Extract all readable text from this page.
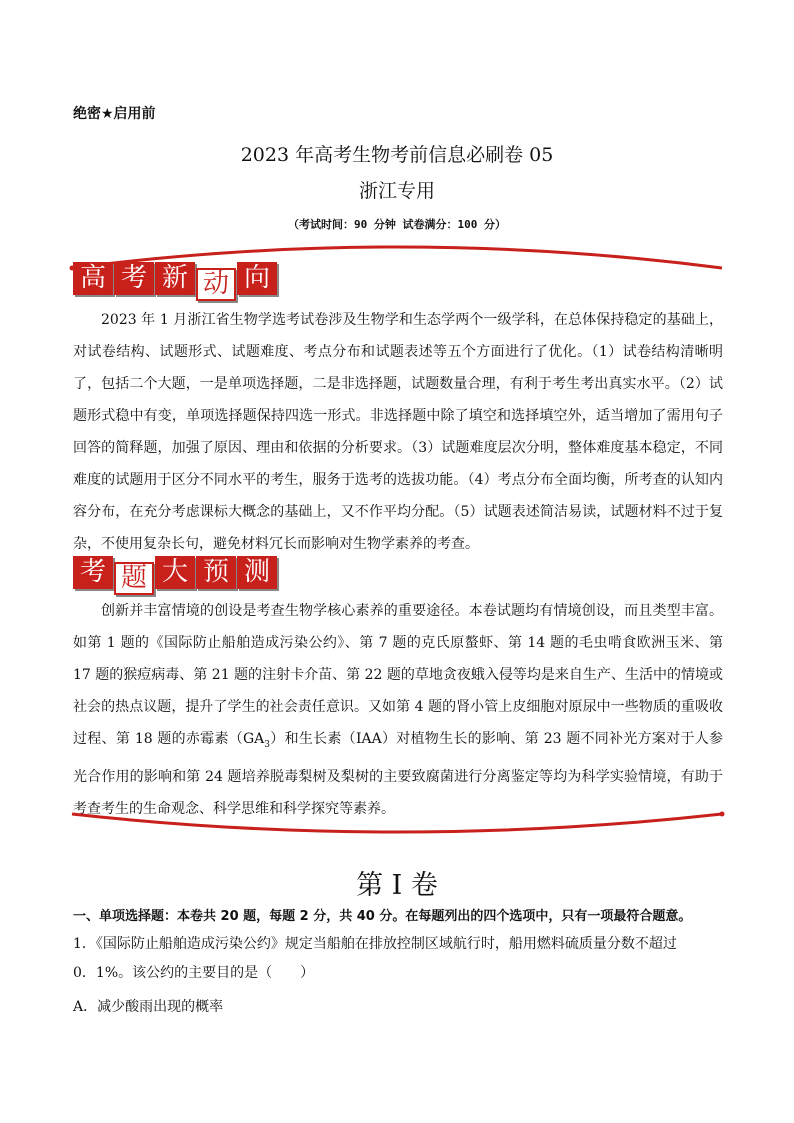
绝密★启用前
2023 年高考生物考前信息必刷卷 05
浙江专用
（考试时间：90 分钟 试卷满分：100 分）
高 考 新 动 向
2023 年 1 月浙江省生物学选考试卷涉及生物学和生态学两个一级学科，在总体保持稳定的基础上，对试卷结构、试题形式、试题难度、考点分布和试题表述等五个方面进行了优化。（1）试卷结构清晰明了，包括二个大题，一是单项选择题，二是非选择题，试题数量合理，有利于考生考出真实水平。（2）试题形式稳中有变，单项选择题保持四选一形式。非选择题中除了填空和选择填空外，适当增加了需用句子回答的简释题，加强了原因、理由和依据的分析要求。（3）试题难度层次分明，整体难度基本稳定，不同难度的试题用于区分不同水平的考生，服务于选考的选拔功能。（4）考点分布全面均衡，所考查的认知内容分布，在充分考虑课标大概念的基础上，又不作平均分配。（5）试题表述简洁易读，试题材料不过于复杂，不使用复杂长句，避免材料冗长而影响对生物学素养的考查。
考 题 大 预 测
创新并丰富情境的创设是考查生物学核心素养的重要途径。本卷试题均有情境创设，而且类型丰富。如第 1 题的《国际防止船舶造成污染公约》、第 7 题的克氏原螯虾、第 14 题的毛虫啃食欧洲玉米、第 17 题的猴痘病毒、第 21 题的注射卡介苗、第 22 题的草地贪夜蛾入侵等均是来自生产、生活中的情境或社会的热点议题，提升了学生的社会责任意识。又如第 4 题的肾小管上皮细胞对原尿中一些物质的重吸收过程、第 18 题的赤霉素$(GA_3)$和生长素（IAA）对植物生长的影响、第 23 题不同补光方案对于人参光合作用的影响和第 24 题培养脱毒梨树及梨树的主要致腐菌进行分离鉴定等均为科学实验情境，有助于考查考生的生命观念、科学思维和科学探究等素养。
第 I 卷
一、单项选择题：本卷共 20 题，每题 2 分，共 40 分。在每题列出的四个选项中，只有一项最符合题意。
1．《国际防止船舶造成污染公约》规定当船舶在排放控制区域航行时，船用燃料硫质量分数不超过
0．1%。该公约的主要目的是（　　）
A．减少酸雨出现的概率
